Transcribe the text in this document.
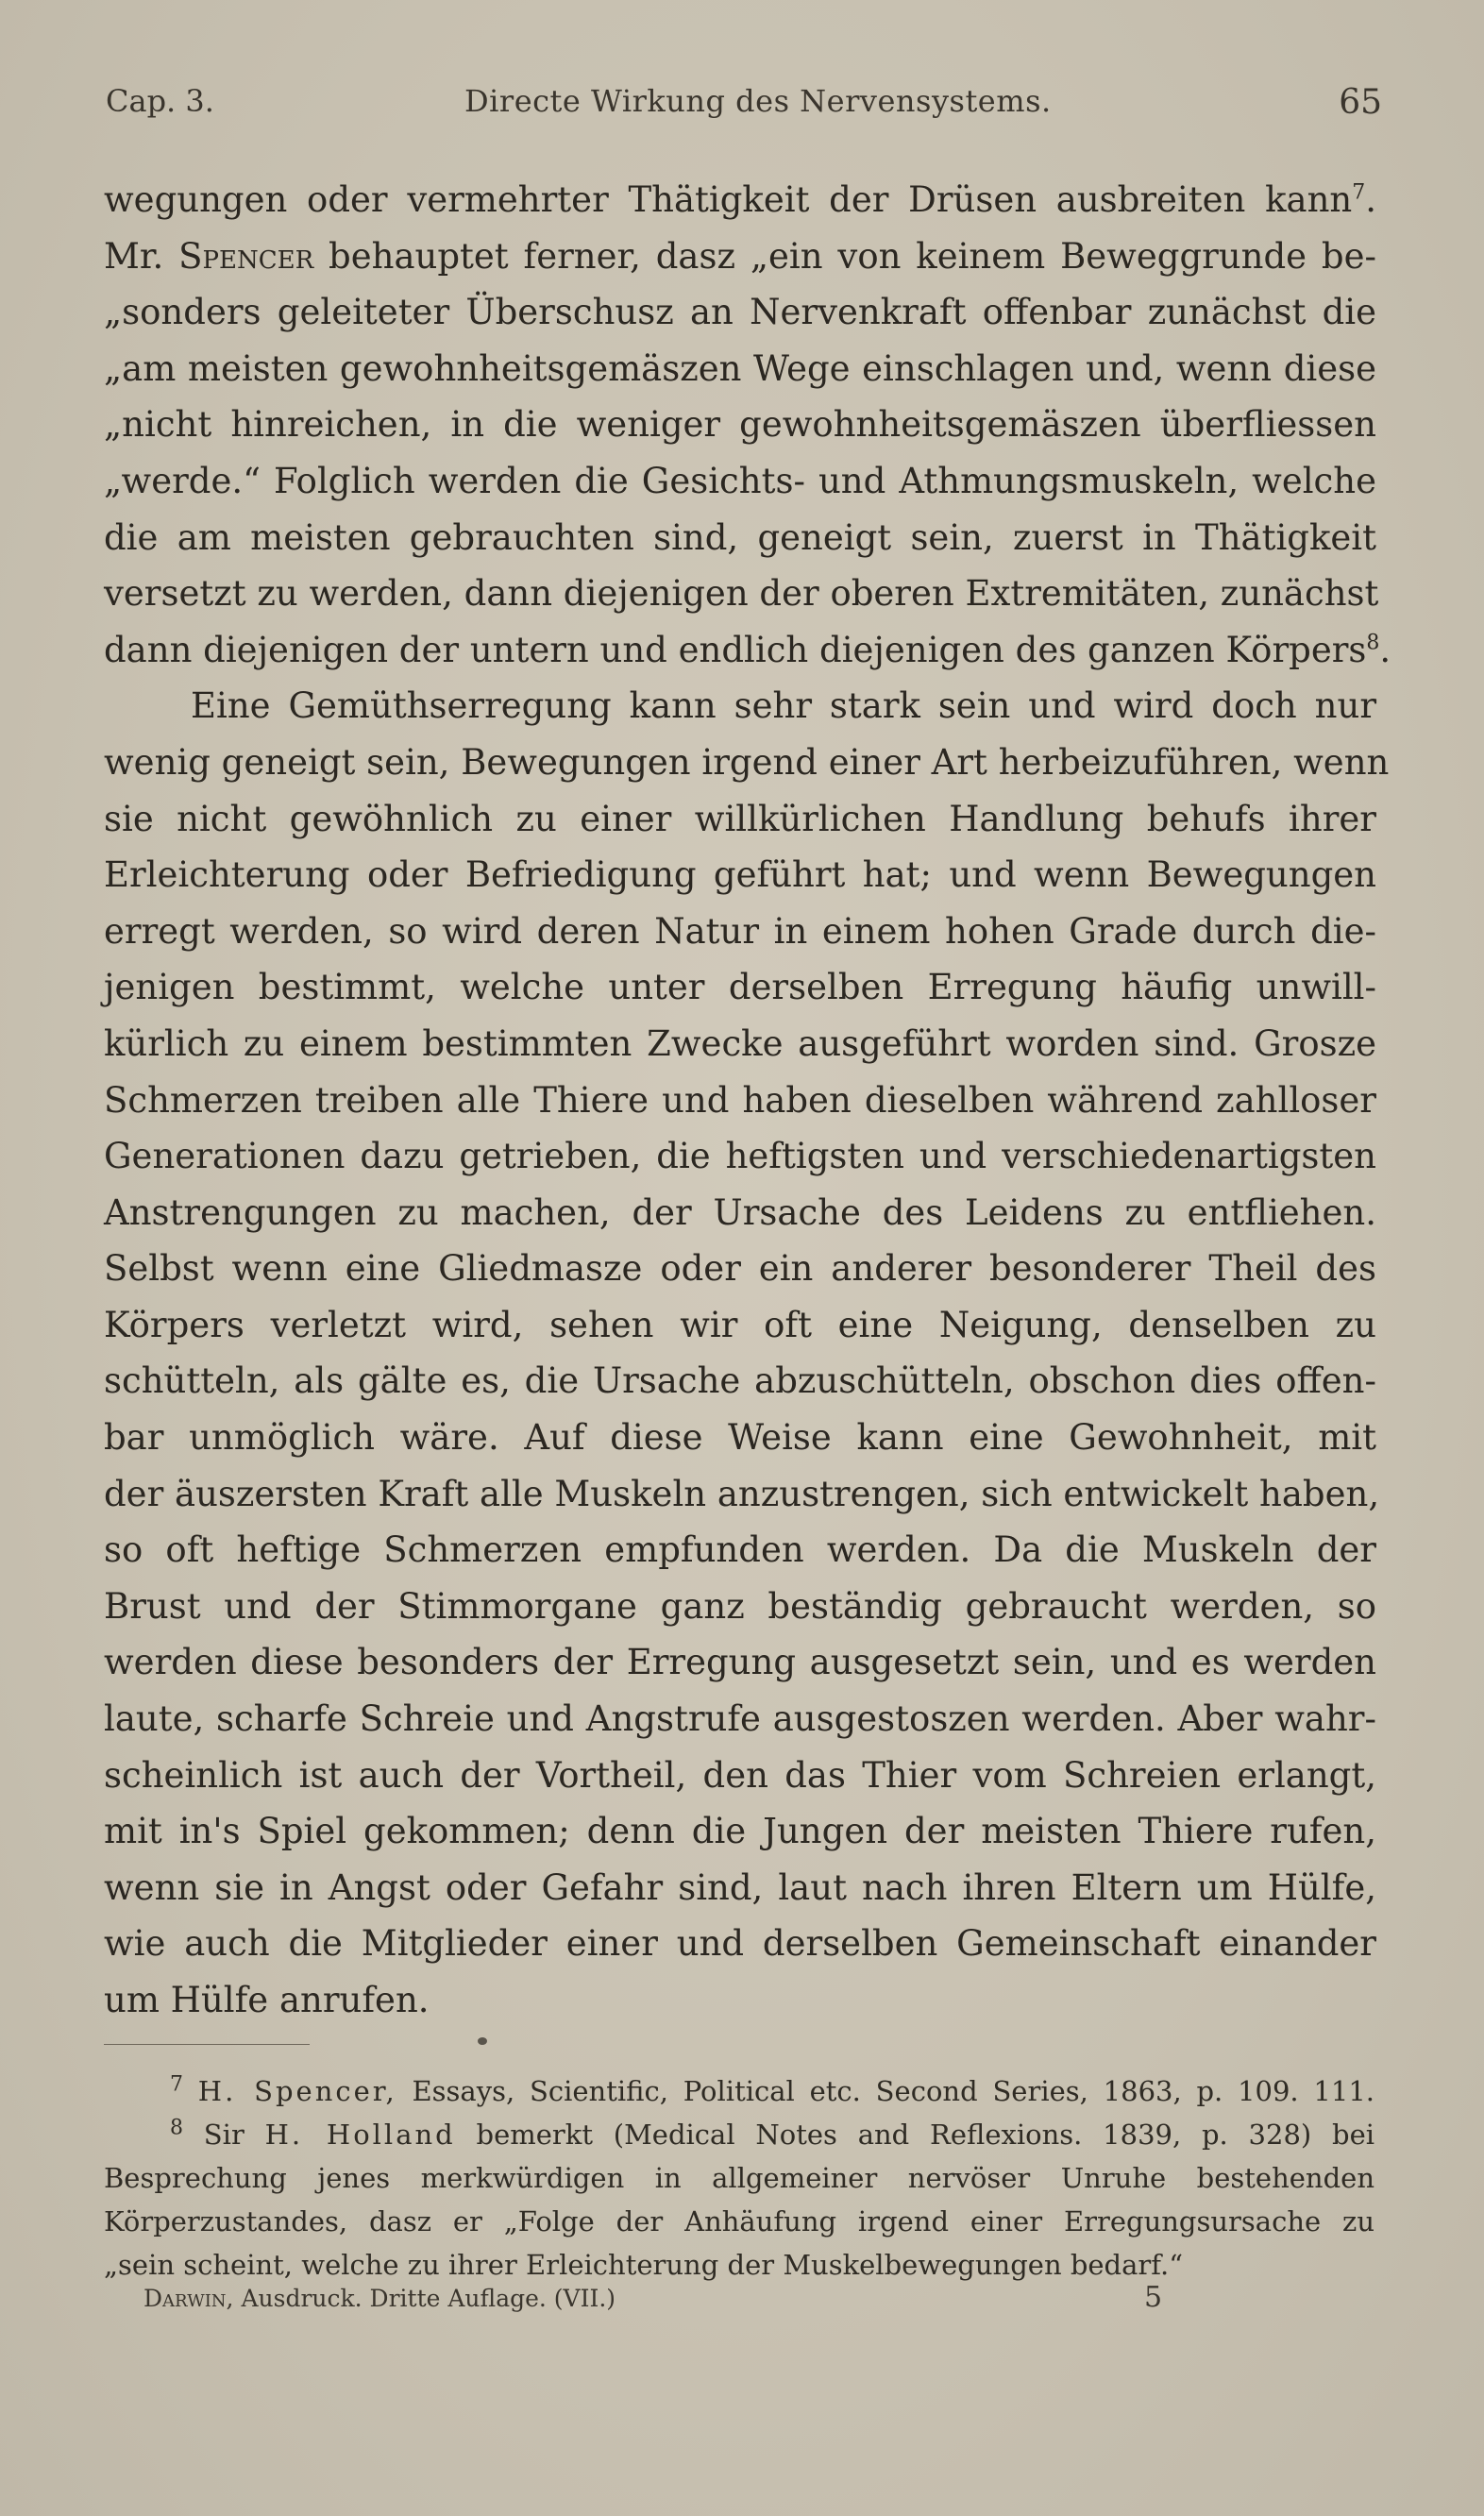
Cap. 3.	Directe Wirkung des Nervensystems.	65
wegungen oder vermehrter Thätigkeit der Drüsen ausbreiten kann$^7$.
Mr. Spencer behauptet ferner, dasz „ein von keinem Beweggrunde be-
„sonders geleiteter Überschusz an Nervenkraft offenbar zunächst die
„am meisten gewohnheitsgemäszen Wege einschlagen und, wenn diese
„nicht hinreichen, in die weniger gewohnheitsgemäszen überfliessen
„werde.“ Folglich werden die Gesichts- und Athmungsmuskeln, welche
die am meisten gebrauchten sind, geneigt sein, zuerst in Thätigkeit
versetzt zu werden, dann diejenigen der oberen Extremitäten, zunächst
dann diejenigen der untern und endlich diejenigen des ganzen Körpers$^8$.
Eine Gemüthserregung kann sehr stark sein und wird doch nur
wenig geneigt sein, Bewegungen irgend einer Art herbeizuführen, wenn
sie nicht gewöhnlich zu einer willkürlichen Handlung behufs ihrer
Erleichterung oder Befriedigung geführt hat; und wenn Bewegungen
erregt werden, so wird deren Natur in einem hohen Grade durch die-
jenigen bestimmt, welche unter derselben Erregung häufig unwill-
kürlich zu einem bestimmten Zwecke ausgeführt worden sind. Grosze
Schmerzen treiben alle Thiere und haben dieselben während zahlloser
Generationen dazu getrieben, die heftigsten und verschiedenartigsten
Anstrengungen zu machen, der Ursache des Leidens zu entfliehen.
Selbst wenn eine Gliedmasze oder ein anderer besonderer Theil des
Körpers verletzt wird, sehen wir oft eine Neigung, denselben zu
schütteln, als gälte es, die Ursache abzuschütteln, obschon dies offen-
bar unmöglich wäre. Auf diese Weise kann eine Gewohnheit, mit
der äuszersten Kraft alle Muskeln anzustrengen, sich entwickelt haben,
so oft heftige Schmerzen empfunden werden. Da die Muskeln der
Brust und der Stimmorgane ganz beständig gebraucht werden, so
werden diese besonders der Erregung ausgesetzt sein, und es werden
laute, scharfe Schreie und Angstrufe ausgestoszen werden. Aber wahr-
scheinlich ist auch der Vortheil, den das Thier vom Schreien erlangt,
mit in's Spiel gekommen; denn die Jungen der meisten Thiere rufen,
wenn sie in Angst oder Gefahr sind, laut nach ihren Eltern um Hülfe,
wie auch die Mitglieder einer und derselben Gemeinschaft einander
um Hülfe anrufen.
$^7$ H. Spencer, Essays, Scientific, Political etc. Second Series, 1863, p. 109. 111.
$^8$ Sir H. Holland bemerkt (Medical Notes and Reflexions. 1839, p. 328) bei
Besprechung jenes merkwürdigen in allgemeiner nervöser Unruhe bestehenden
Körperzustandes, dasz er „Folge der Anhäufung irgend einer Erregungsursache zu
„sein scheint, welche zu ihrer Erleichterung der Muskelbewegungen bedarf.“
Darwin, Ausdruck. Dritte Auflage. (VII.)	5
